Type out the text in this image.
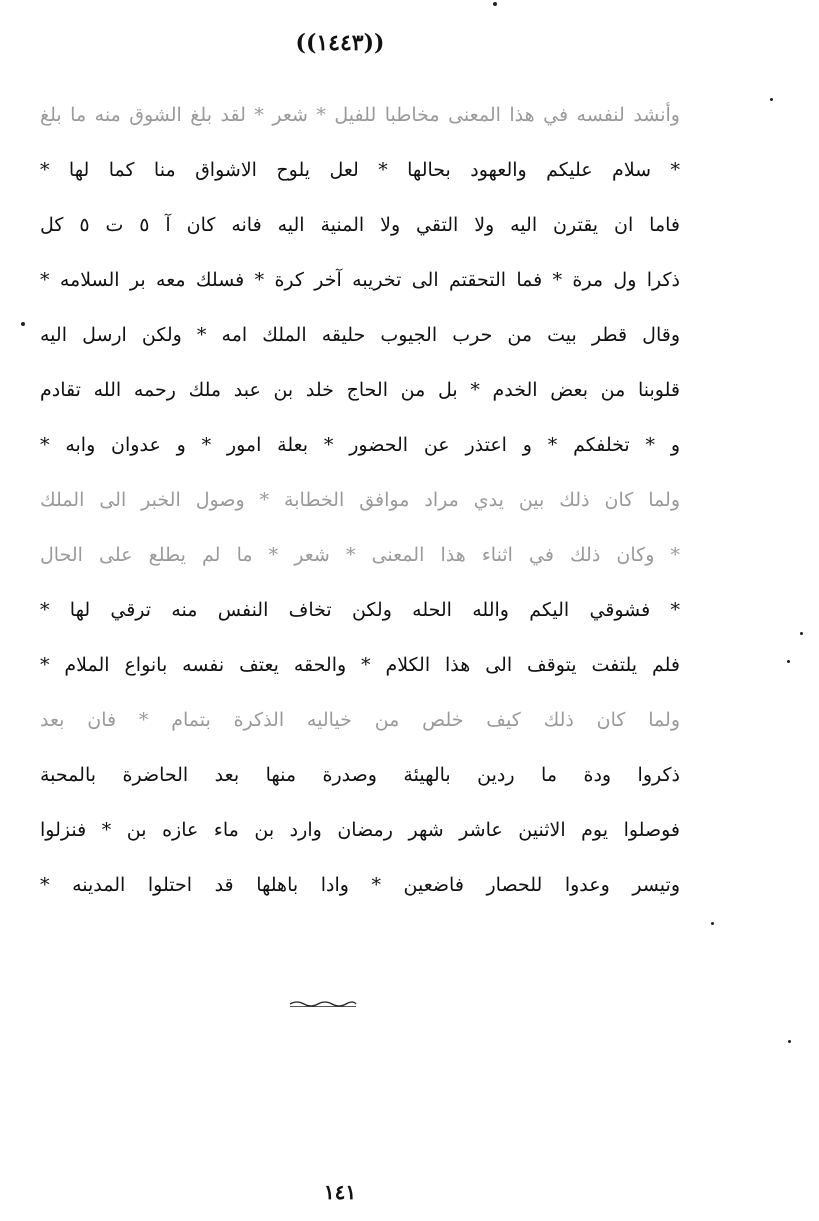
((١٤٤٣))
وأنشد لنفسه في هذا المعنى مخاطبا للفيل * شعر * لقد بلغ الشوق منه ما بلغ
* سلام عليكم والعهود بحالها * لعل يلوح الاشواق منا كما لها *
فاما ان يقترن اليه ولا التقي ولا المنية اليه فانه كان آ ٥ ت ٥ كل
ذكرا ول مرة * فما التحقتم الى تخريبه آخر كرة * فسلك معه بر السلامه *
وقال قطر بيت من حرب الجيوب حليقه الملك امه * ولكن ارسل اليه
قلوبنا من بعض الخدم * بل من الحاج خلد بن عبد ملك رحمه الله تقادم
و * تخلفكم * و اعتذر عن الحضور * بعلة امور * و عدوان وابه *
ولما كان ذلك بين يدي مراد موافق الخطابة * وصول الخبر الى الملك
* وكان ذلك في اثناء هذا المعنى * شعر * ما لم يطلع على الحال
* فشوقي اليكم والله الحله ولكن تخاف النفس منه ترقي لها *
فلم يلتفت يتوقف الى هذا الكلام * والحقه يعتف نفسه بانواع الملام *
ولما كان ذلك كيف خلص من خياليه الذكرة بتمام * فان بعد
ذكروا ودة ما ردين بالهيئة وصدرة منها بعد الحاضرة بالمحبة
فوصلوا يوم الاثنين عاشر شهر رمضان وارد بن ماء عازه بن * فنزلوا
وتيسر وعدوا للحصار فاضعين * وادا باهلها قد احتلوا المدينه *
١٤١
